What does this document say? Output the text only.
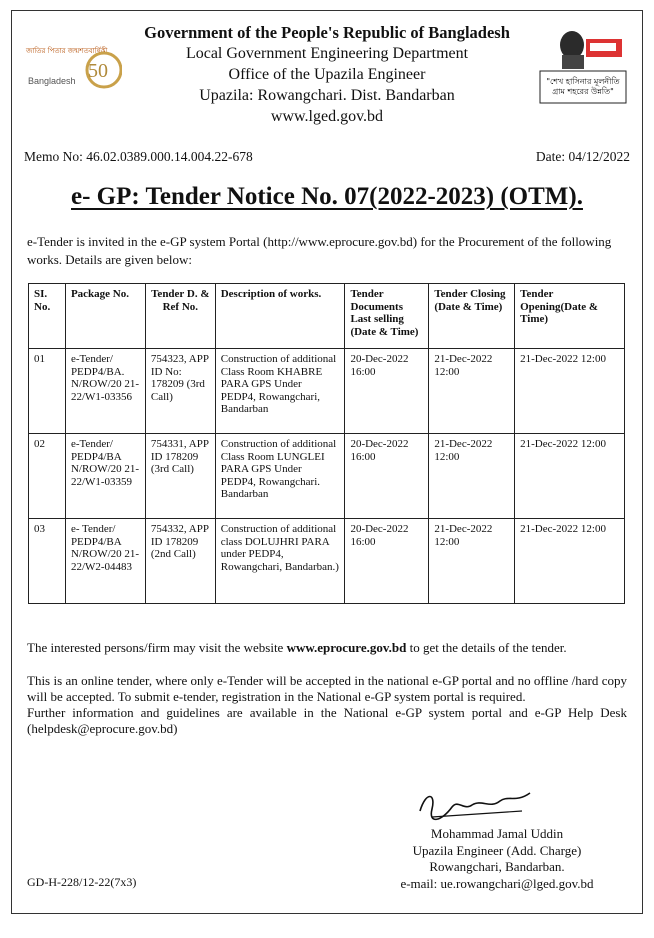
জাতির পিতার জন্মশতবার্ষিকী
Bangladesh 50	"শেখ হাসিনার মূলনীতি গ্রাম শহরের উন্নতি"
Government of the People's Republic of Bangladesh
Local Government Engineering Department
Office of the Upazila Engineer
Upazila: Rowangchari. Dist. Bandarban
www.lged.gov.bd
Memo No: 46.02.0389.000.14.004.22-678	Date: 04/12/2022
e- GP: Tender Notice No. 07(2022-2023) (OTM).
e-Tender is invited in the e-GP system Portal (http://www.eprocure.gov.bd) for the Procurement of the following works. Details are given below:
SI. No.	Package No.	Tender D. & Ref No.	Description of works.	Tender Documents Last selling (Date & Time)	Tender Closing (Date & Time)	Tender Opening(Date & Time)
01	e-Tender/ PEDP4/BA. N/ROW/20 21- 22/W1-03356	754323, APP ID No: 178209 (3rd Call)	Construction of additional Class Room KHABRE PARA GPS Under PEDP4, Rowangchari, Bandarban	20-Dec-2022 16:00	21-Dec-2022 12:00	21-Dec-2022 12:00
02	e-Tender/ PEDP4/BA N/ROW/20 21- 22/W1-03359	754331, APP ID 178209 (3rd Call)	Construction of additional Class Room LUNGLEI PARA GPS Under PEDP4, Rowangchari. Bandarban	20-Dec-2022 16:00	21-Dec-2022 12:00	21-Dec-2022 12:00
03	e- Tender/ PEDP4/BA N/ROW/20 21- 22/W2-04483	754332, APP ID 178209 (2nd Call)	Construction of additional class DOLUJHRI PARA under PEDP4, Rowangchari, Bandarban.)	20-Dec-2022 16:00	21-Dec-2022 12:00	21-Dec-2022 12:00
The interested persons/firm may visit the website www.eprocure.gov.bd to get the details of the tender.
This is an online tender, where only e-Tender will be accepted in the national e-GP portal and no offline /hard copy will be accepted. To submit e-tender, registration in the National e-GP system portal is required.
Further information and guidelines are available in the National e-GP system portal and e-GP Help Desk (helpdesk@eprocure.gov.bd)
Mohammad Jamal Uddin
Upazila Engineer (Add. Charge)
Rowangchari, Bandarban.
e-mail: ue.rowangchari@lged.gov.bd
GD-H-228/12-22(7x3)
